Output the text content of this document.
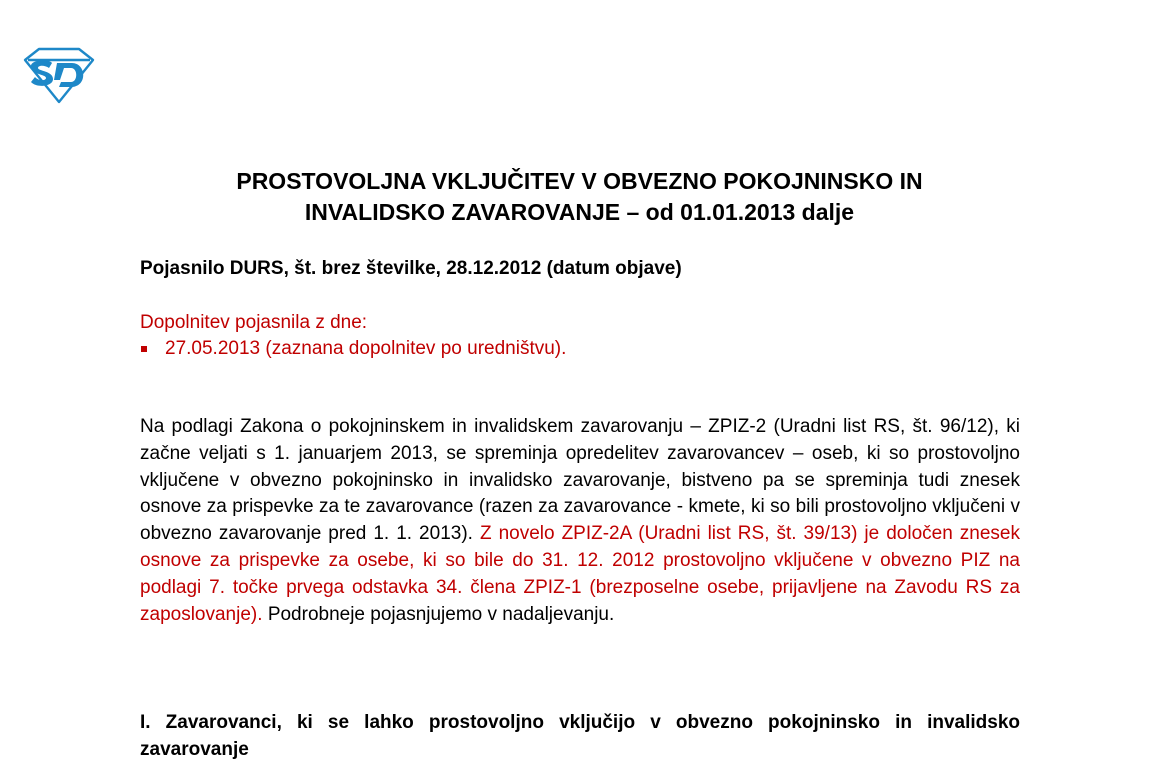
PROSTOVOLJNA VKLJUČITEV V OBVEZNO POKOJNINSKO IN
INVALIDSKO ZAVAROVANJE – od 01.01.2013 dalje

Pojasnilo DURS, št. brez številke, 28.12.2012 (datum objave)

Dopolnitev pojasnila z dne:

27.05.2013 (zaznana dopolnitev po uredništvu).

Na podlagi Zakona o pokojninskem in invalidskem zavarovanju – ZPIZ-2 (Uradni list RS, št. 96/12), ki začne veljati s 1. januarjem 2013, se spreminja opredelitev zavarovancev – oseb, ki so prostovoljno vključene v obvezno pokojninsko in invalidsko zavarovanje, bistveno pa se spreminja tudi znesek osnove za prispevke za te zavarovance (razen za zavarovance - kmete, ki so bili prostovoljno vključeni v obvezno zavarovanje pred 1. 1. 2013). Z novelo ZPIZ-2A (Uradni list RS, št. 39/13) je določen znesek osnove za prispevke za osebe, ki so bile do 31. 12. 2012 prostovoljno vključene v obvezno PIZ na podlagi 7. točke prvega odstavka 34. člena ZPIZ-1 (brezposelne osebe, prijavljene na Zavodu RS za zaposlovanje). Podrobneje pojasnjujemo v nadaljevanju.

I. Zavarovanci, ki se lahko prostovoljno vključijo v obvezno pokojninsko in invalidsko zavarovanje
